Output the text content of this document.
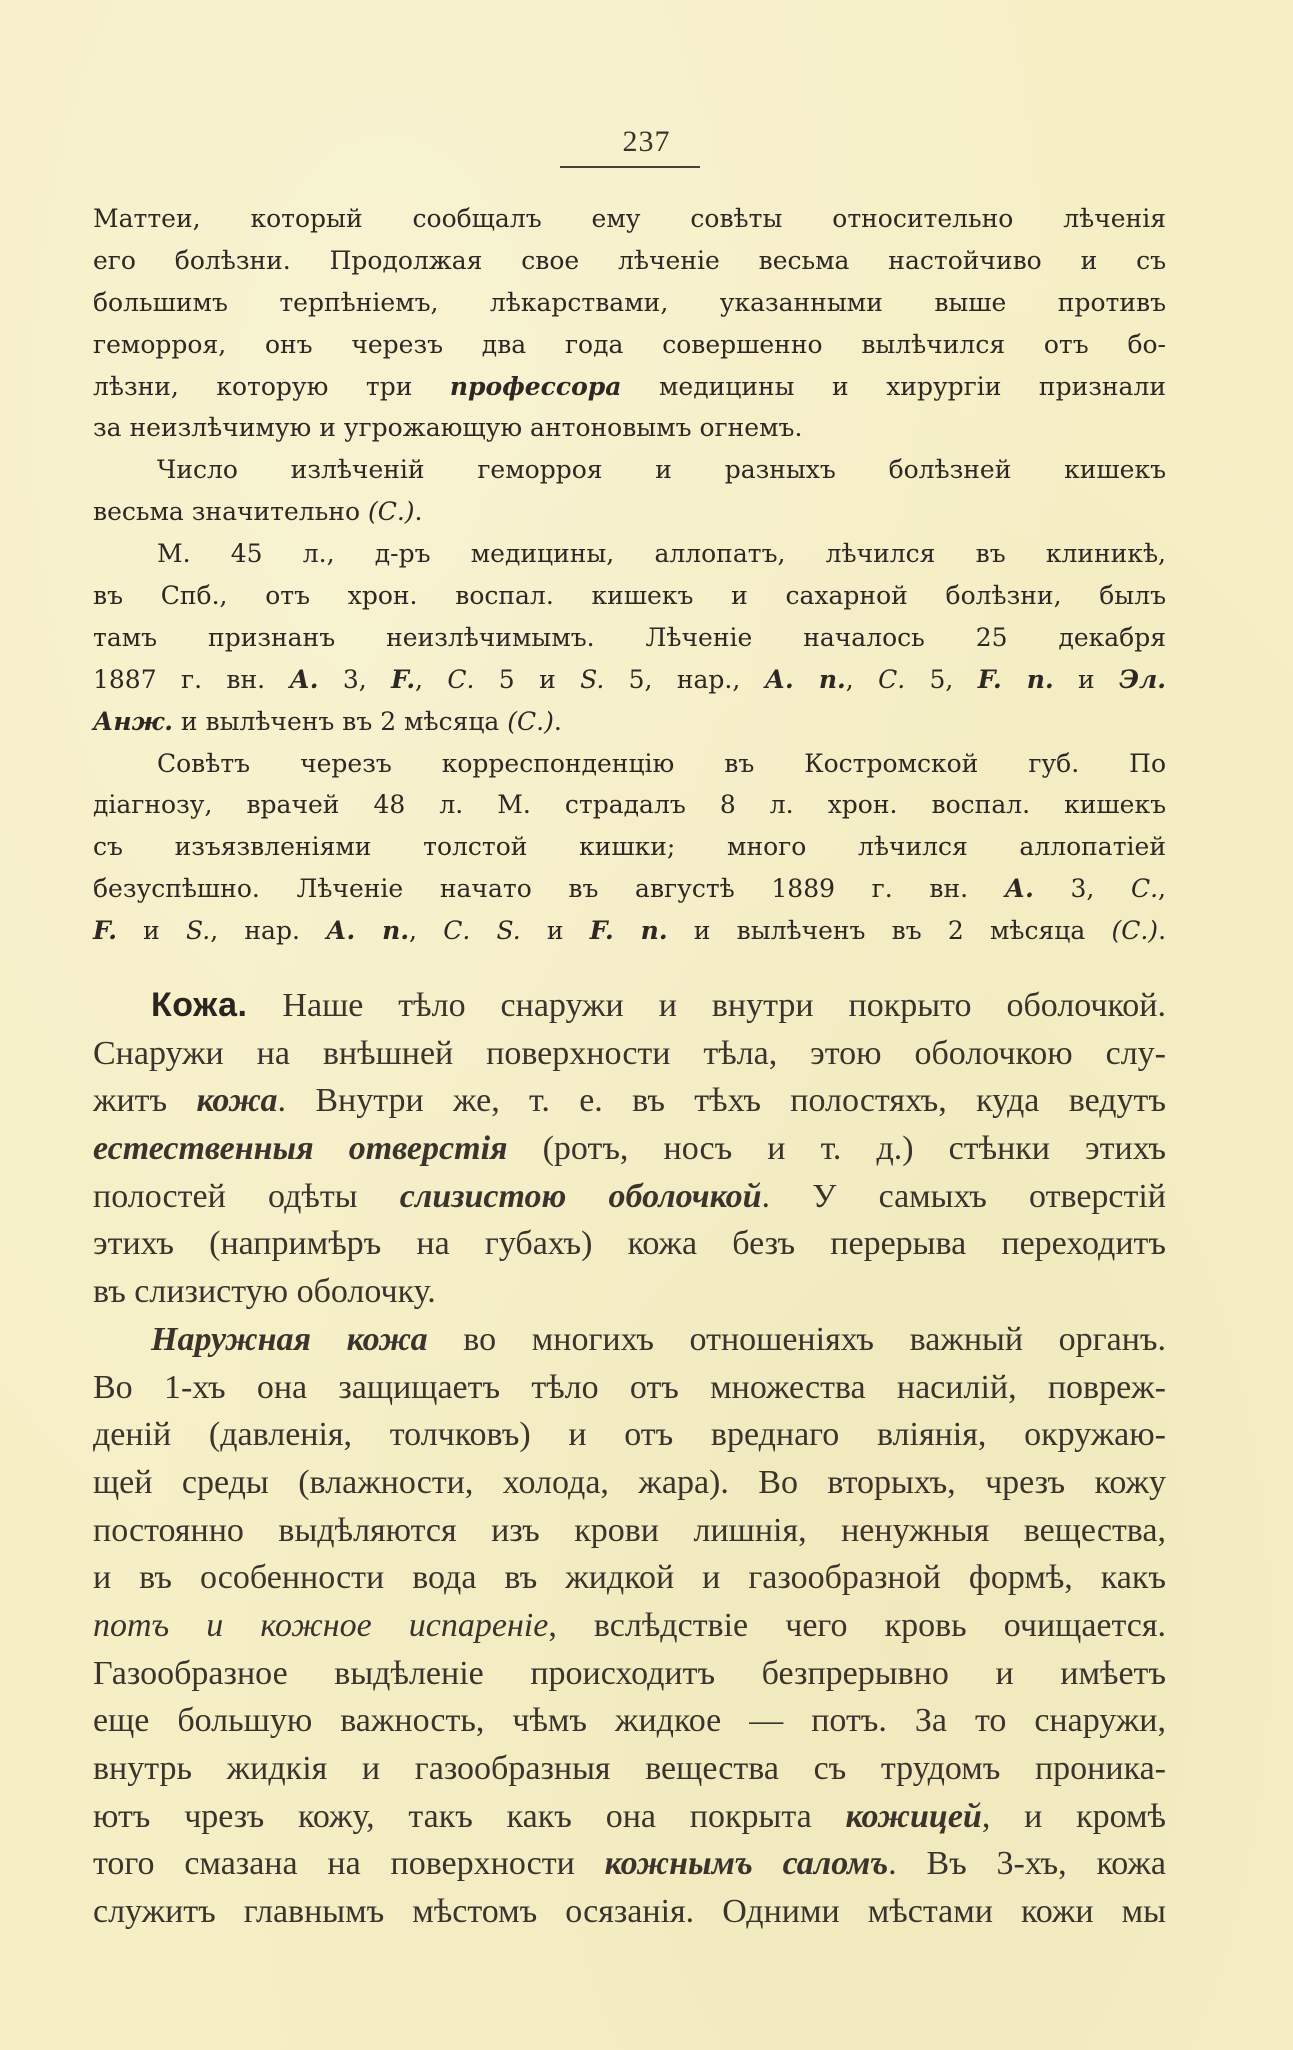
237
Маттеи, который сообщалъ ему совѣты относительно лѣченія
его болѣзни. Продолжая свое лѣченіе весьма настойчиво и съ
большимъ терпѣніемъ, лѣкарствами, указанными выше противъ
геморроя, онъ черезъ два года совершенно вылѣчился отъ бо-
лѣзни, которую три профессора медицины и хирургіи признали
за неизлѣчимую и угрожающую антоновымъ огнемъ.
Число излѣченій геморроя и разныхъ болѣзней кишекъ
весьма значительно (С.).
М. 45 л., д-ръ медицины, аллопатъ, лѣчился въ клиникѣ,
въ Спб., отъ хрон. воспал. кишекъ и сахарной болѣзни, былъ
тамъ признанъ неизлѣчимымъ. Лѣченіе началось 25 декабря
1887 г. вн. А. 3, F., С. 5 и S. 5, нар., А. п., С. 5, F. п. и Эл.
Анж. и вылѣченъ въ 2 мѣсяца (С.).
Совѣтъ черезъ корреспонденцію въ Костромской губ. По
діагнозу, врачей 48 л. М. страдалъ 8 л. хрон. воспал. кишекъ
съ изъязвленіями толстой кишки; много лѣчился аллопатіей
безуспѣшно. Лѣченіе начато въ августѣ 1889 г. вн. А. 3, С.,
F. и S., нар. А. п., С. S. и F. п. и вылѣченъ въ 2 мѣсяца (С.).
Кожа. Наше тѣло снаружи и внутри покрыто оболочкой.
Снаружи на внѣшней поверхности тѣла, этою оболочкою слу-
житъ кожа. Внутри же, т. е. въ тѣхъ полостяхъ, куда ведутъ
естественныя отверстія (ротъ, носъ и т. д.) стѣнки этихъ
полостей одѣты слизистою оболочкой. У самыхъ отверстій
этихъ (напримѣръ на губахъ) кожа безъ перерыва переходитъ
въ слизистую оболочку.
Наружная кожа во многихъ отношеніяхъ важный органъ.
Во 1-хъ она защищаетъ тѣло отъ множества насилій, повреж-
деній (давленія, толчковъ) и отъ вреднаго вліянія, окружаю-
щей среды (влажности, холода, жара). Во вторыхъ, чрезъ кожу
постоянно выдѣляются изъ крови лишнія, ненужныя вещества,
и въ особенности вода въ жидкой и газообразной формѣ, какъ
потъ и кожное испареніе, вслѣдствіе чего кровь очищается.
Газообразное выдѣленіе происходитъ безпрерывно и имѣетъ
еще большую важность, чѣмъ жидкое — потъ. За то снаружи,
внутрь жидкія и газообразныя вещества съ трудомъ проника-
ютъ чрезъ кожу, такъ какъ она покрыта кожицей, и кромѣ
того смазана на поверхности кожнымъ саломъ. Въ 3-хъ, кожа
служитъ главнымъ мѣстомъ осязанія. Одними мѣстами кожи мы
